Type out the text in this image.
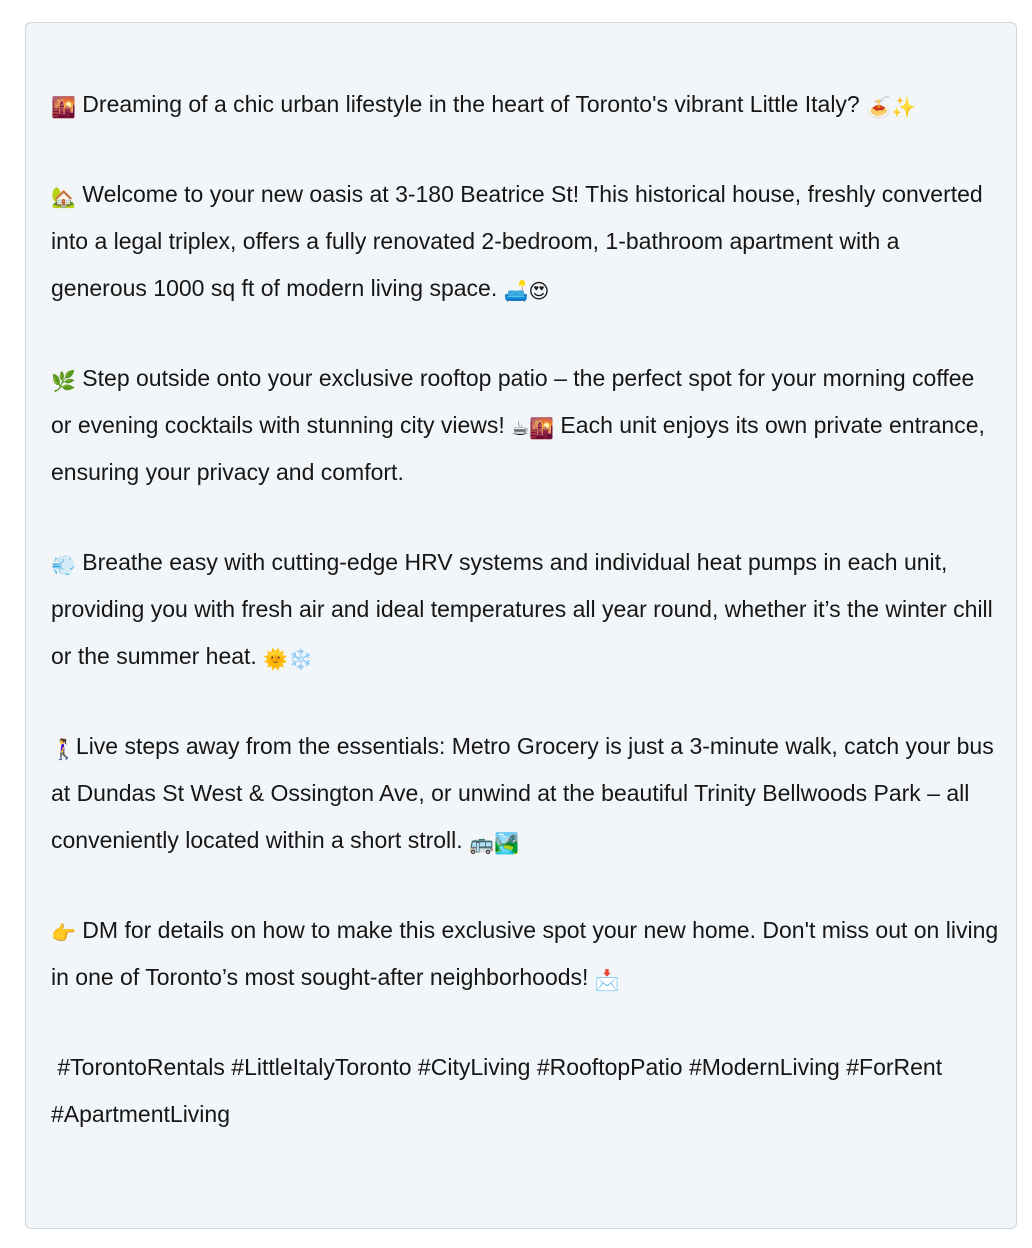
🌇 Dreaming of a chic urban lifestyle in the heart of Toronto's vibrant Little Italy? 🍝✨

🏡 Welcome to your new oasis at 3-180 Beatrice St! This historical house, freshly converted into a legal triplex, offers a fully renovated 2-bedroom, 1-bathroom apartment with a generous 1000 sq ft of modern living space. 🛋️😍

🌿 Step outside onto your exclusive rooftop patio – the perfect spot for your morning coffee or evening cocktails with stunning city views! ☕🌇 Each unit enjoys its own private entrance, ensuring your privacy and comfort.

💨 Breathe easy with cutting-edge HRV systems and individual heat pumps in each unit, providing you with fresh air and ideal temperatures all year round, whether it’s the winter chill or the summer heat. 🌞❄️

🚶‍♀️Live steps away from the essentials: Metro Grocery is just a 3-minute walk, catch your bus at Dundas St West & Ossington Ave, or unwind at the beautiful Trinity Bellwoods Park – all conveniently located within a short stroll. 🚌🏞️

👉 DM for details on how to make this exclusive spot your new home. Don't miss out on living in one of Toronto’s most sought-after neighborhoods! 📩

#TorontoRentals #LittleItalyToronto #CityLiving #RooftopPatio #ModernLiving #ForRent #ApartmentLiving
